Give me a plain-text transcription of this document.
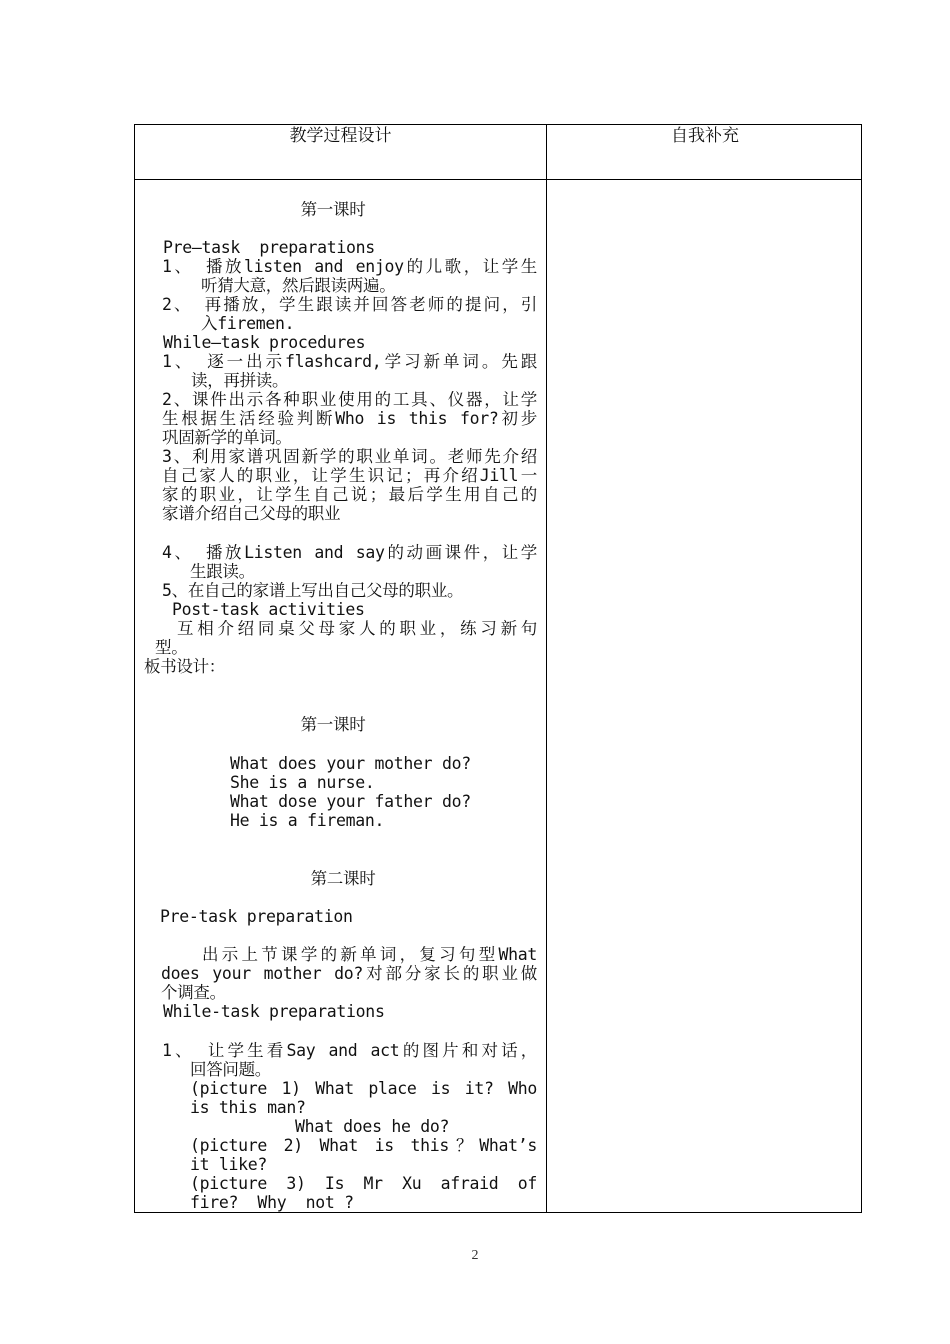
教学过程设计	自我补充
第一课时
Pre—task  preparations
1、 播放listen and enjoy的儿歌，让学生
听猜大意，然后跟读两遍。
2、 再播放，学生跟读并回答老师的提问，引
入firemen.
While—task procedures
1、 逐一出示flashcard,学习新单词。先跟
读，再拼读。
2、课件出示各种职业使用的工具、仪器，让学
生根据生活经验判断Who is this for?初步
巩固新学的单词。
3、利用家谱巩固新学的职业单词。老师先介绍
自己家人的职业，让学生识记；再介绍Jill一
家的职业，让学生自己说；最后学生用自己的
家谱介绍自己父母的职业
4、 播放Listen and say的动画课件，让学
生跟读。
5、在自己的家谱上写出自己父母的职业。
Post-task activities
互相介绍同桌父母家人的职业，练习新句
型。
板书设计：
第一课时
What does your mother do?
She is a nurse.
What dose your father do?
He is a fireman.
第二课时
Pre-task preparation
出示上节课学的新单词，复习句型What
does your mother do?对部分家长的职业做
个调查。
While-task preparations
1、 让学生看Say and act的图片和对话，
回答问题。
(picture 1) What place is it? Who
is this man?
What does he do?
(picture 2) What is this？What’s
it like?
(picture 3) Is Mr Xu afraid of
fire?  Why  not ?
2
